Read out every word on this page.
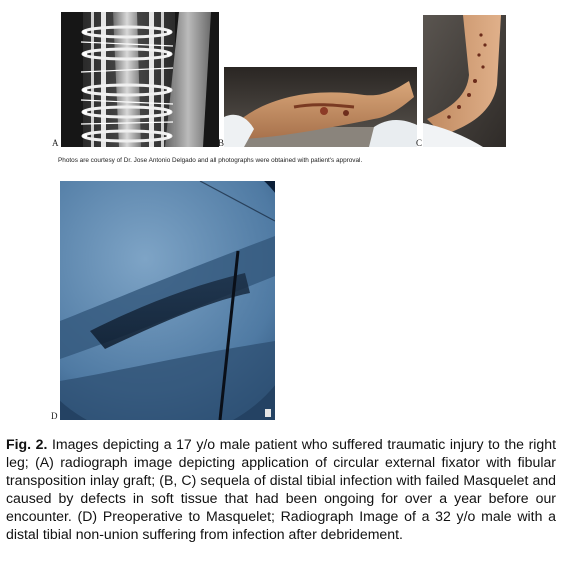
A	B	C
Photos are courtesy of Dr. Jose Antonio Delgado and all photographs were obtained with patient's approval.
D
Fig. 2. Images depicting a 17 y/o male patient who suffered traumatic injury to the right leg; (A) radiograph image depicting application of circular external fixator with fibular transposition inlay graft; (B, C) sequela of distal tibial infection with failed Masquelet and caused by defects in soft tissue that had been ongoing for over a year before our encounter. (D) Preoperative to Masquelet; Radiograph Image of a 32 y/o male with a distal tibial non-union suffering from infection after debridement.
